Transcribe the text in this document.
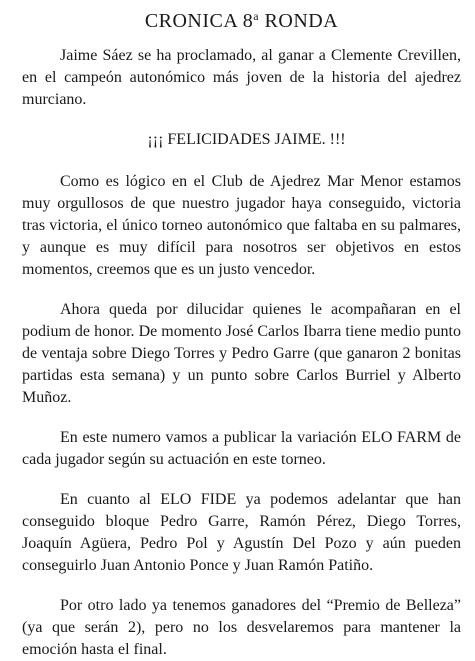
CRONICA 8$^a$ RONDA

Jaime Sáez se ha proclamado, al ganar a Clemente Crevillen, en el campeón autonómico más joven de la historia del ajedrez murciano.

¡¡¡ FELICIDADES JAIME. !!!

Como es lógico en el Club de Ajedrez Mar Menor estamos muy orgullosos de que nuestro jugador haya conseguido, victoria tras victoria, el único torneo autonómico que faltaba en su palmares, y aunque es muy difícil para nosotros ser objetivos en estos momentos, creemos que es un justo vencedor.

Ahora queda por dilucidar quienes le acompañaran en el podium de honor. De momento José Carlos Ibarra tiene medio punto de ventaja sobre Diego Torres y Pedro Garre (que ganaron 2 bonitas partidas esta semana) y un punto sobre Carlos Burriel y Alberto Muñoz.

En este numero vamos a publicar la variación ELO FARM de cada jugador según su actuación en este torneo.

En cuanto al ELO FIDE ya podemos adelantar que han conseguido bloque Pedro Garre, Ramón Pérez, Diego Torres, Joaquín Agüera, Pedro Pol y Agustín Del Pozo y aún pueden conseguirlo Juan Antonio Ponce y Juan Ramón Patiño.

Por otro lado ya tenemos ganadores del “Premio de Belleza” (ya que serán 2), pero no los desvelaremos para mantener la emoción hasta el final.
